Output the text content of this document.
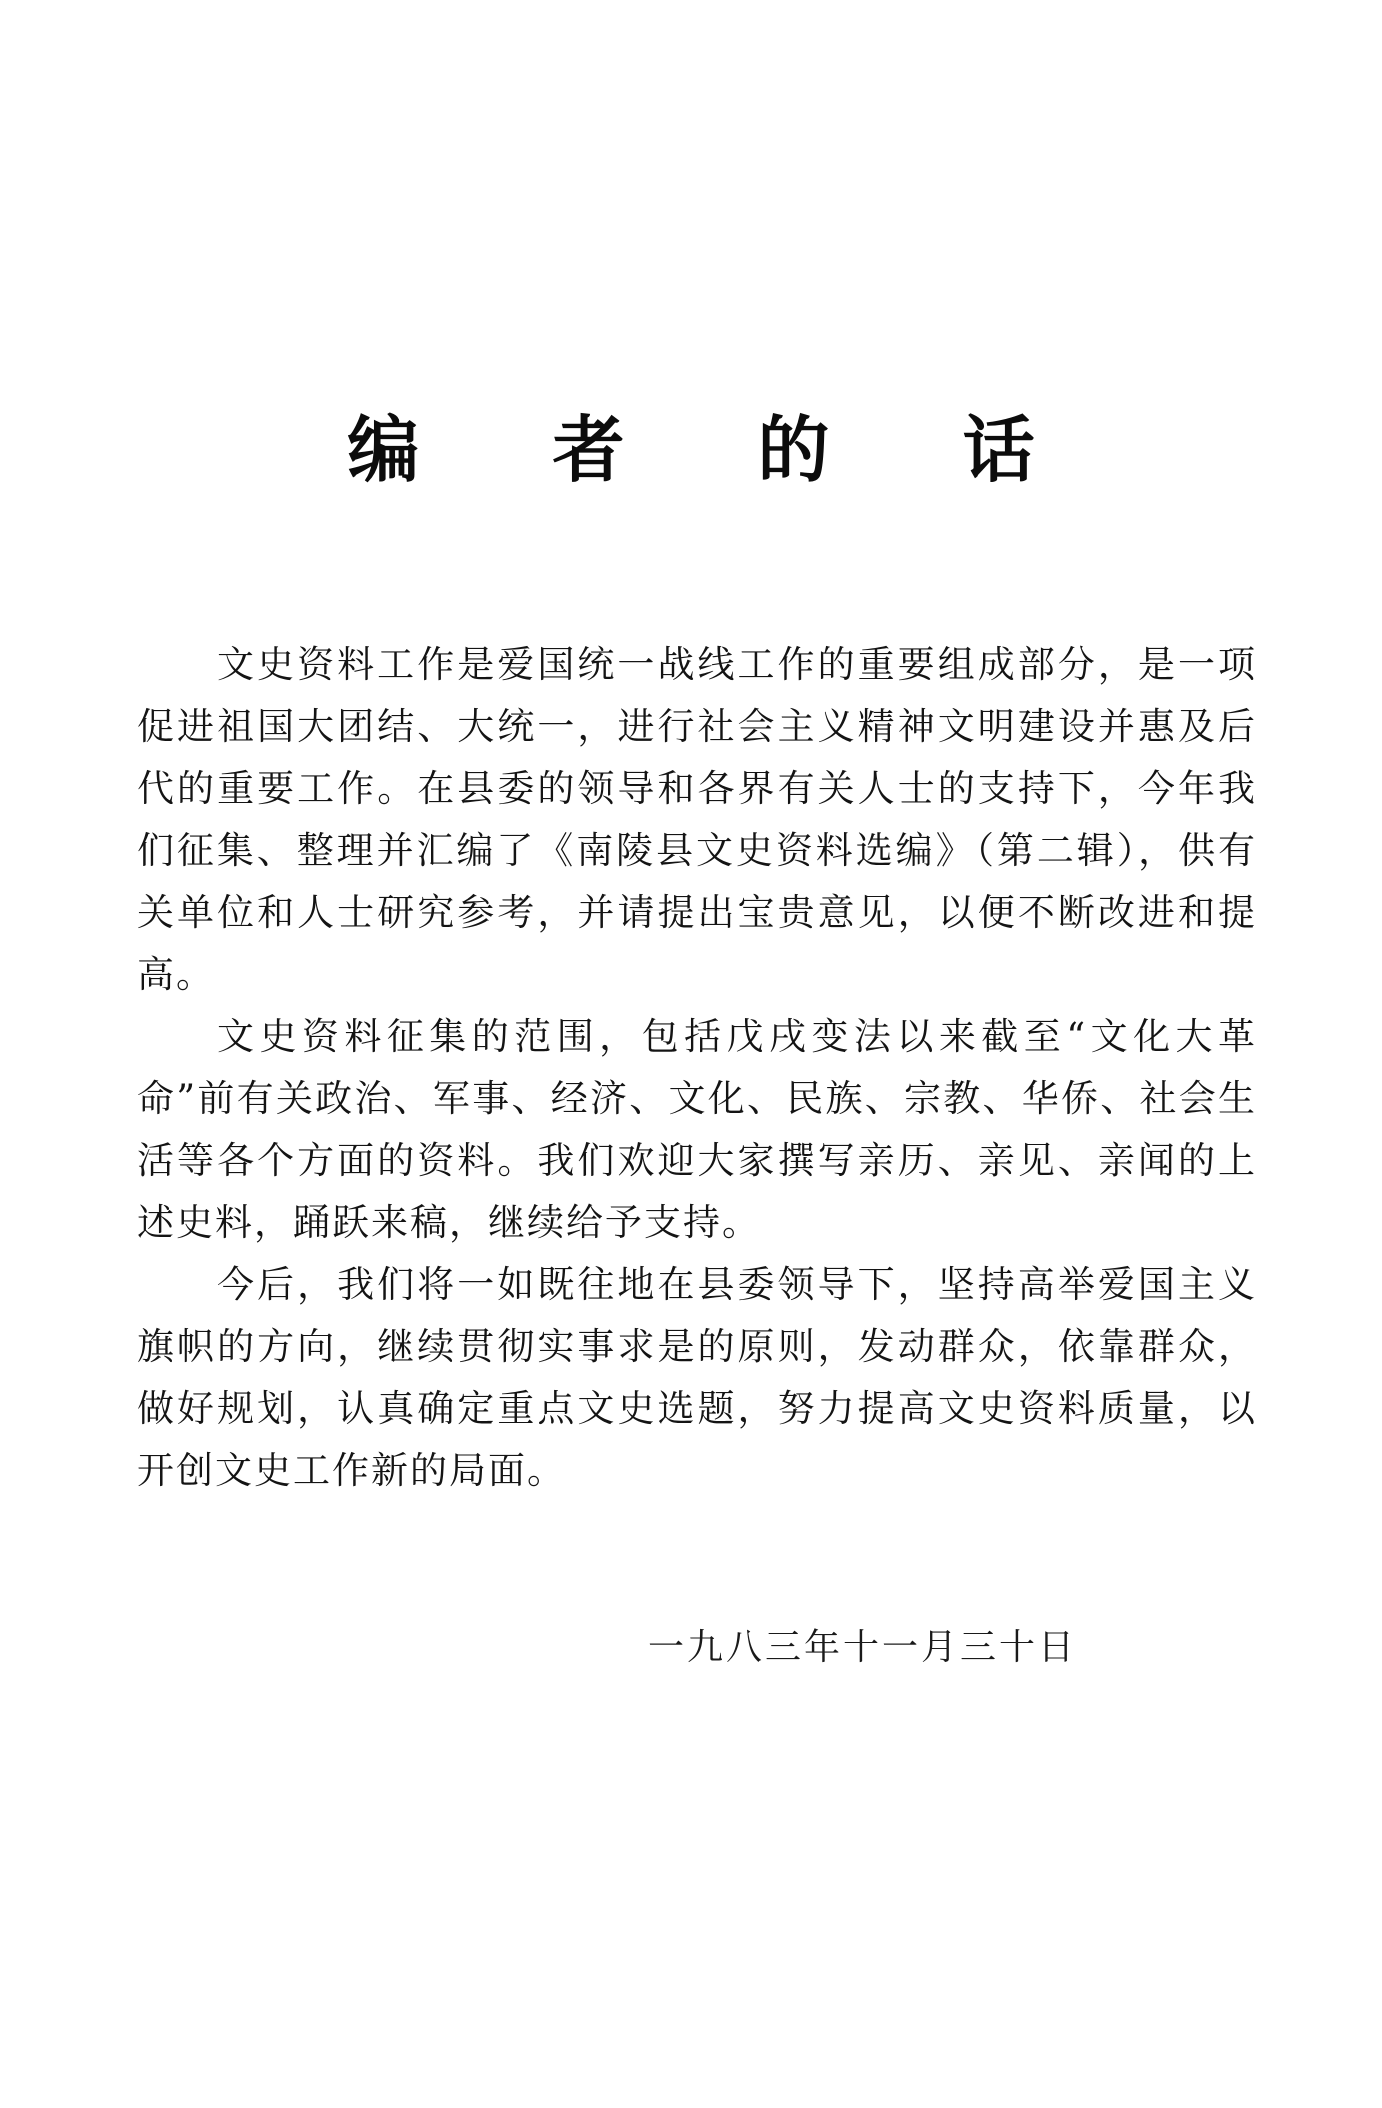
编 者 的 话

文史资料工作是爱国统一战线工作的重要组成部分，是一项促进祖国大团结、大统一，进行社会主义精神文明建设并惠及后代的重要工作。在县委的领导和各界有关人士的支持下，今年我们征集、整理并汇编了《南陵县文史资料选编》（第二辑），供有关单位和人士研究参考，并请提出宝贵意见，以便不断改进和提高。

文史资料征集的范围，包括戊戌变法以来截至“文化大革命”前有关政治、军事、经济、文化、民族、宗教、华侨、社会生活等各个方面的资料。我们欢迎大家撰写亲历、亲见、亲闻的上述史料，踊跃来稿，继续给予支持。

今后，我们将一如既往地在县委领导下，坚持高举爱国主义旗帜的方向，继续贯彻实事求是的原则，发动群众，依靠群众，做好规划，认真确定重点文史选题，努力提高文史资料质量，以开创文史工作新的局面。

一九八三年十一月三十日
